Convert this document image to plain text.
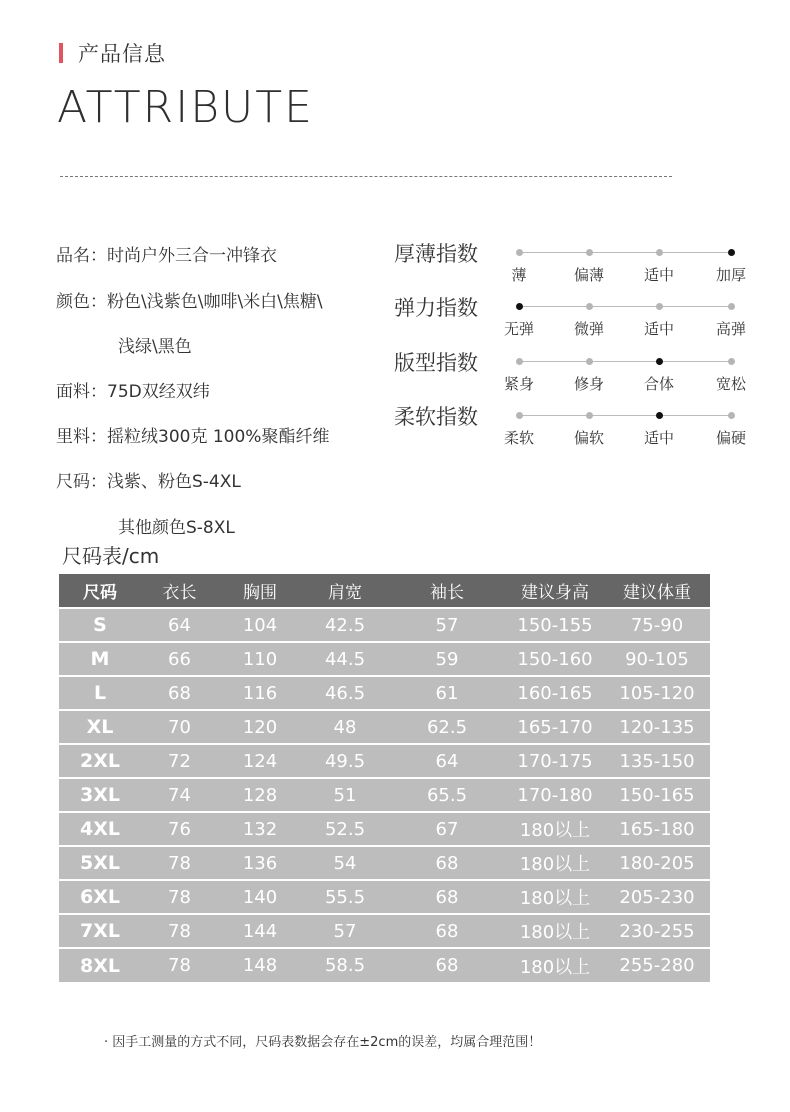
产品信息
ATTRIBUTE
品名：时尚户外三合一冲锋衣
颜色：粉色\浅紫色\咖啡\米白\焦糖\
浅绿\黑色
面料：75D双经双纬
里料：摇粒绒300克 100%聚酯纤维
尺码：浅紫、粉色S-4XL
其他颜色S-8XL
厚薄指数
薄	偏薄	适中	加厚
弹力指数
无弹	微弹	适中	高弹
版型指数
紧身	修身	合体	宽松
柔软指数
柔软	偏软	适中	偏硬
尺码表/cm
尺码	衣长	胸围	肩宽	袖长	建议身高	建议体重
S	64	104	42.5	57	150-155	75-90
M	66	110	44.5	59	150-160	90-105
L	68	116	46.5	61	160-165	105-120
XL	70	120	48	62.5	165-170	120-135
2XL	72	124	49.5	64	170-175	135-150
3XL	74	128	51	65.5	170-180	150-165
4XL	76	132	52.5	67	180以上	165-180
5XL	78	136	54	68	180以上	180-205
6XL	78	140	55.5	68	180以上	205-230
7XL	78	144	57	68	180以上	230-255
8XL	78	148	58.5	68	180以上	255-280
· 因手工测量的方式不同，尺码表数据会存在±2cm的误差，均属合理范围！
